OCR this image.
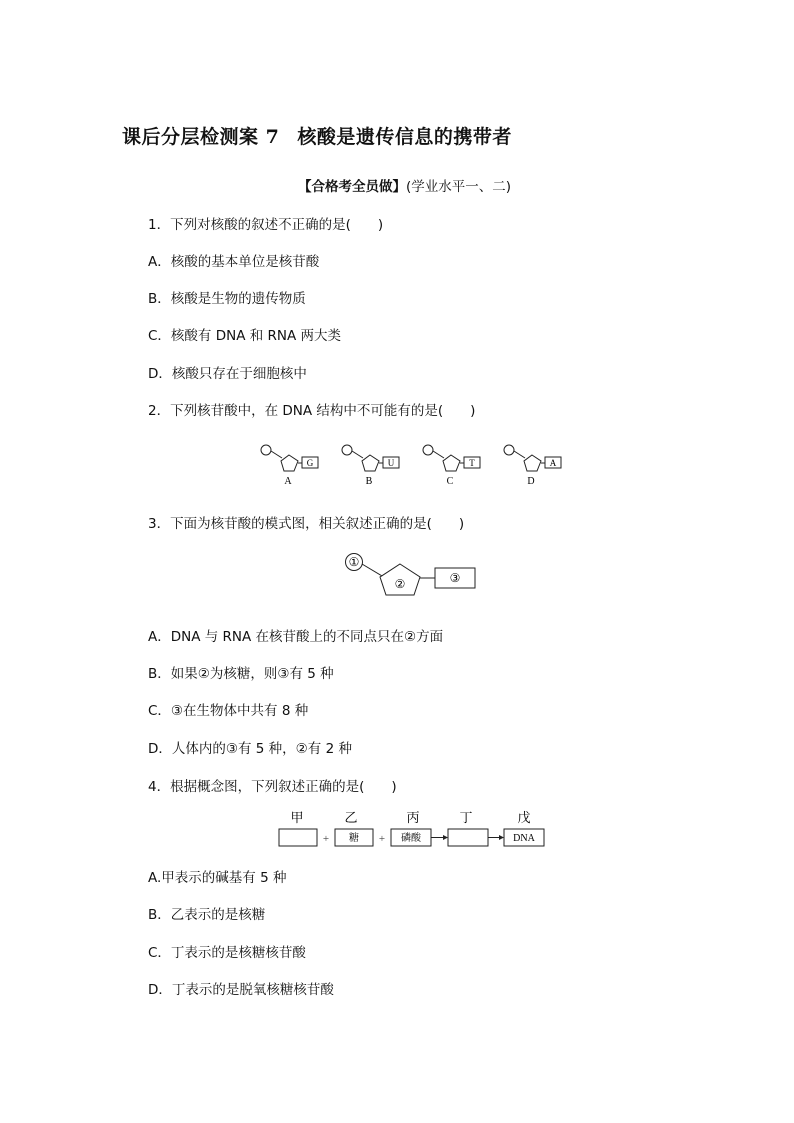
课后分层检测案 7 核酸是遗传信息的携带者
【合格考全员做】(学业水平一、二)
1．下列对核酸的叙述不正确的是(　　)
A．核酸的基本单位是核苷酸
B．核酸是生物的遗传物质
C．核酸有 DNA 和 RNA 两大类
D．核酸只存在于细胞核中
2．下列核苷酸中，在 DNA 结构中不可能有的是(　　)
G
A
U
B
T
C
A
D
3．下面为核苷酸的模式图，相关叙述正确的是(　　)
①
②	③
A．DNA 与 RNA 在核苷酸上的不同点只在②方面
B．如果②为核糖，则③有 5 种
C．③在生物体中共有 8 种
D．人体内的③有 5 种，②有 2 种
4．根据概念图，下列叙述正确的是(　　)
甲	乙	丙	丁	戊
+ 糖 + 磷酸	DNA
A.甲表示的碱基有 5 种
B．乙表示的是核糖
C．丁表示的是核糖核苷酸
D．丁表示的是脱氧核糖核苷酸
